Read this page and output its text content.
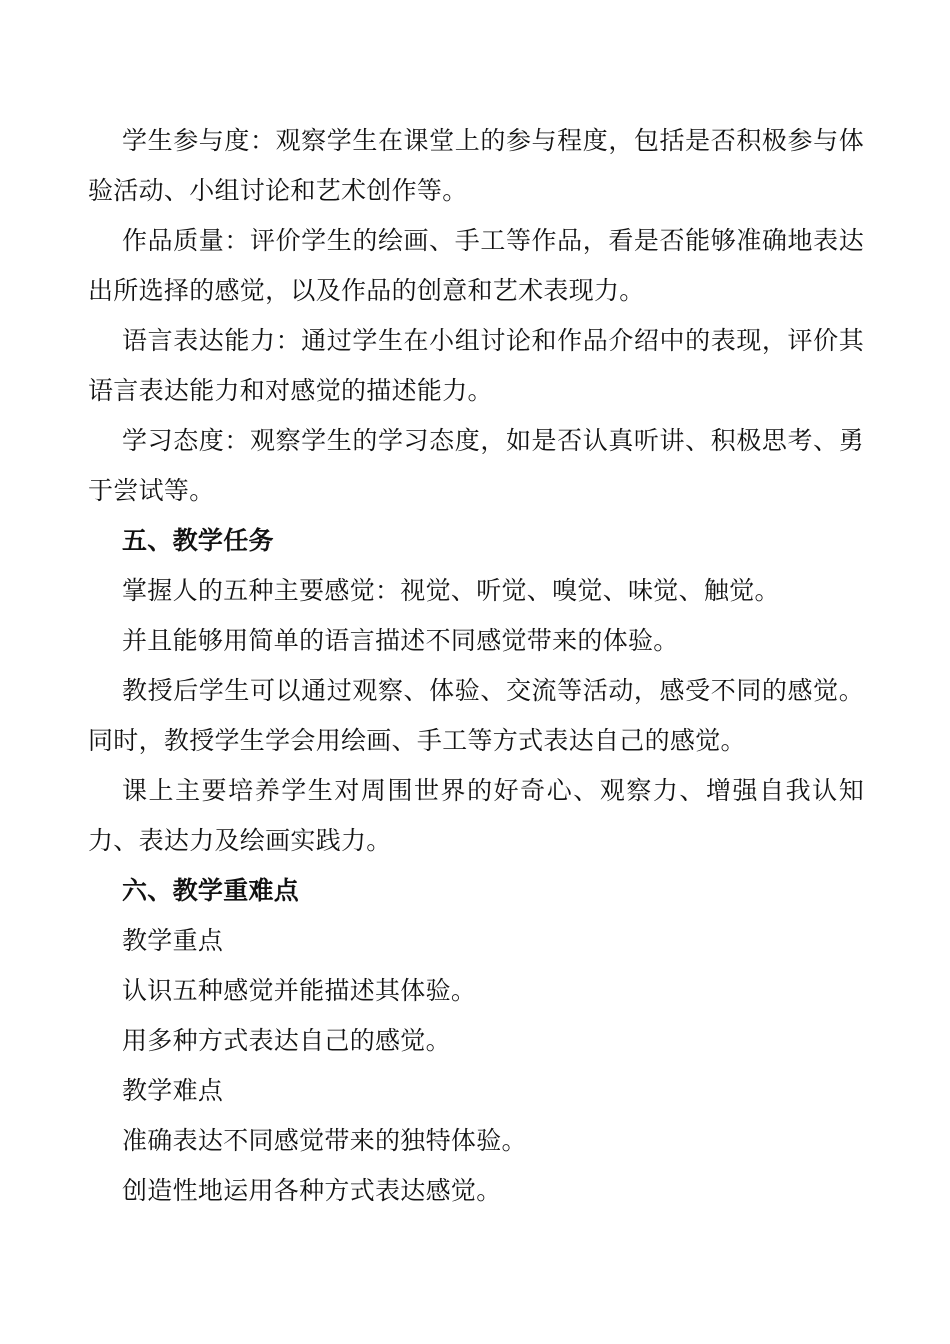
学生参与度：观察学生在课堂上的参与程度，包括是否积极参与体验活动、小组讨论和艺术创作等。

作品质量：评价学生的绘画、手工等作品，看是否能够准确地表达出所选择的感觉，以及作品的创意和艺术表现力。

语言表达能力：通过学生在小组讨论和作品介绍中的表现，评价其语言表达能力和对感觉的描述能力。

学习态度：观察学生的学习态度，如是否认真听讲、积极思考、勇于尝试等。

五、教学任务

掌握人的五种主要感觉：视觉、听觉、嗅觉、味觉、触觉。

并且能够用简单的语言描述不同感觉带来的体验。

教授后学生可以通过观察、体验、交流等活动，感受不同的感觉。同时，教授学生学会用绘画、手工等方式表达自己的感觉。

课上主要培养学生对周围世界的好奇心、观察力、增强自我认知力、表达力及绘画实践力。

六、教学重难点

教学重点

认识五种感觉并能描述其体验。

用多种方式表达自己的感觉。

教学难点

准确表达不同感觉带来的独特体验。

创造性地运用各种方式表达感觉。
